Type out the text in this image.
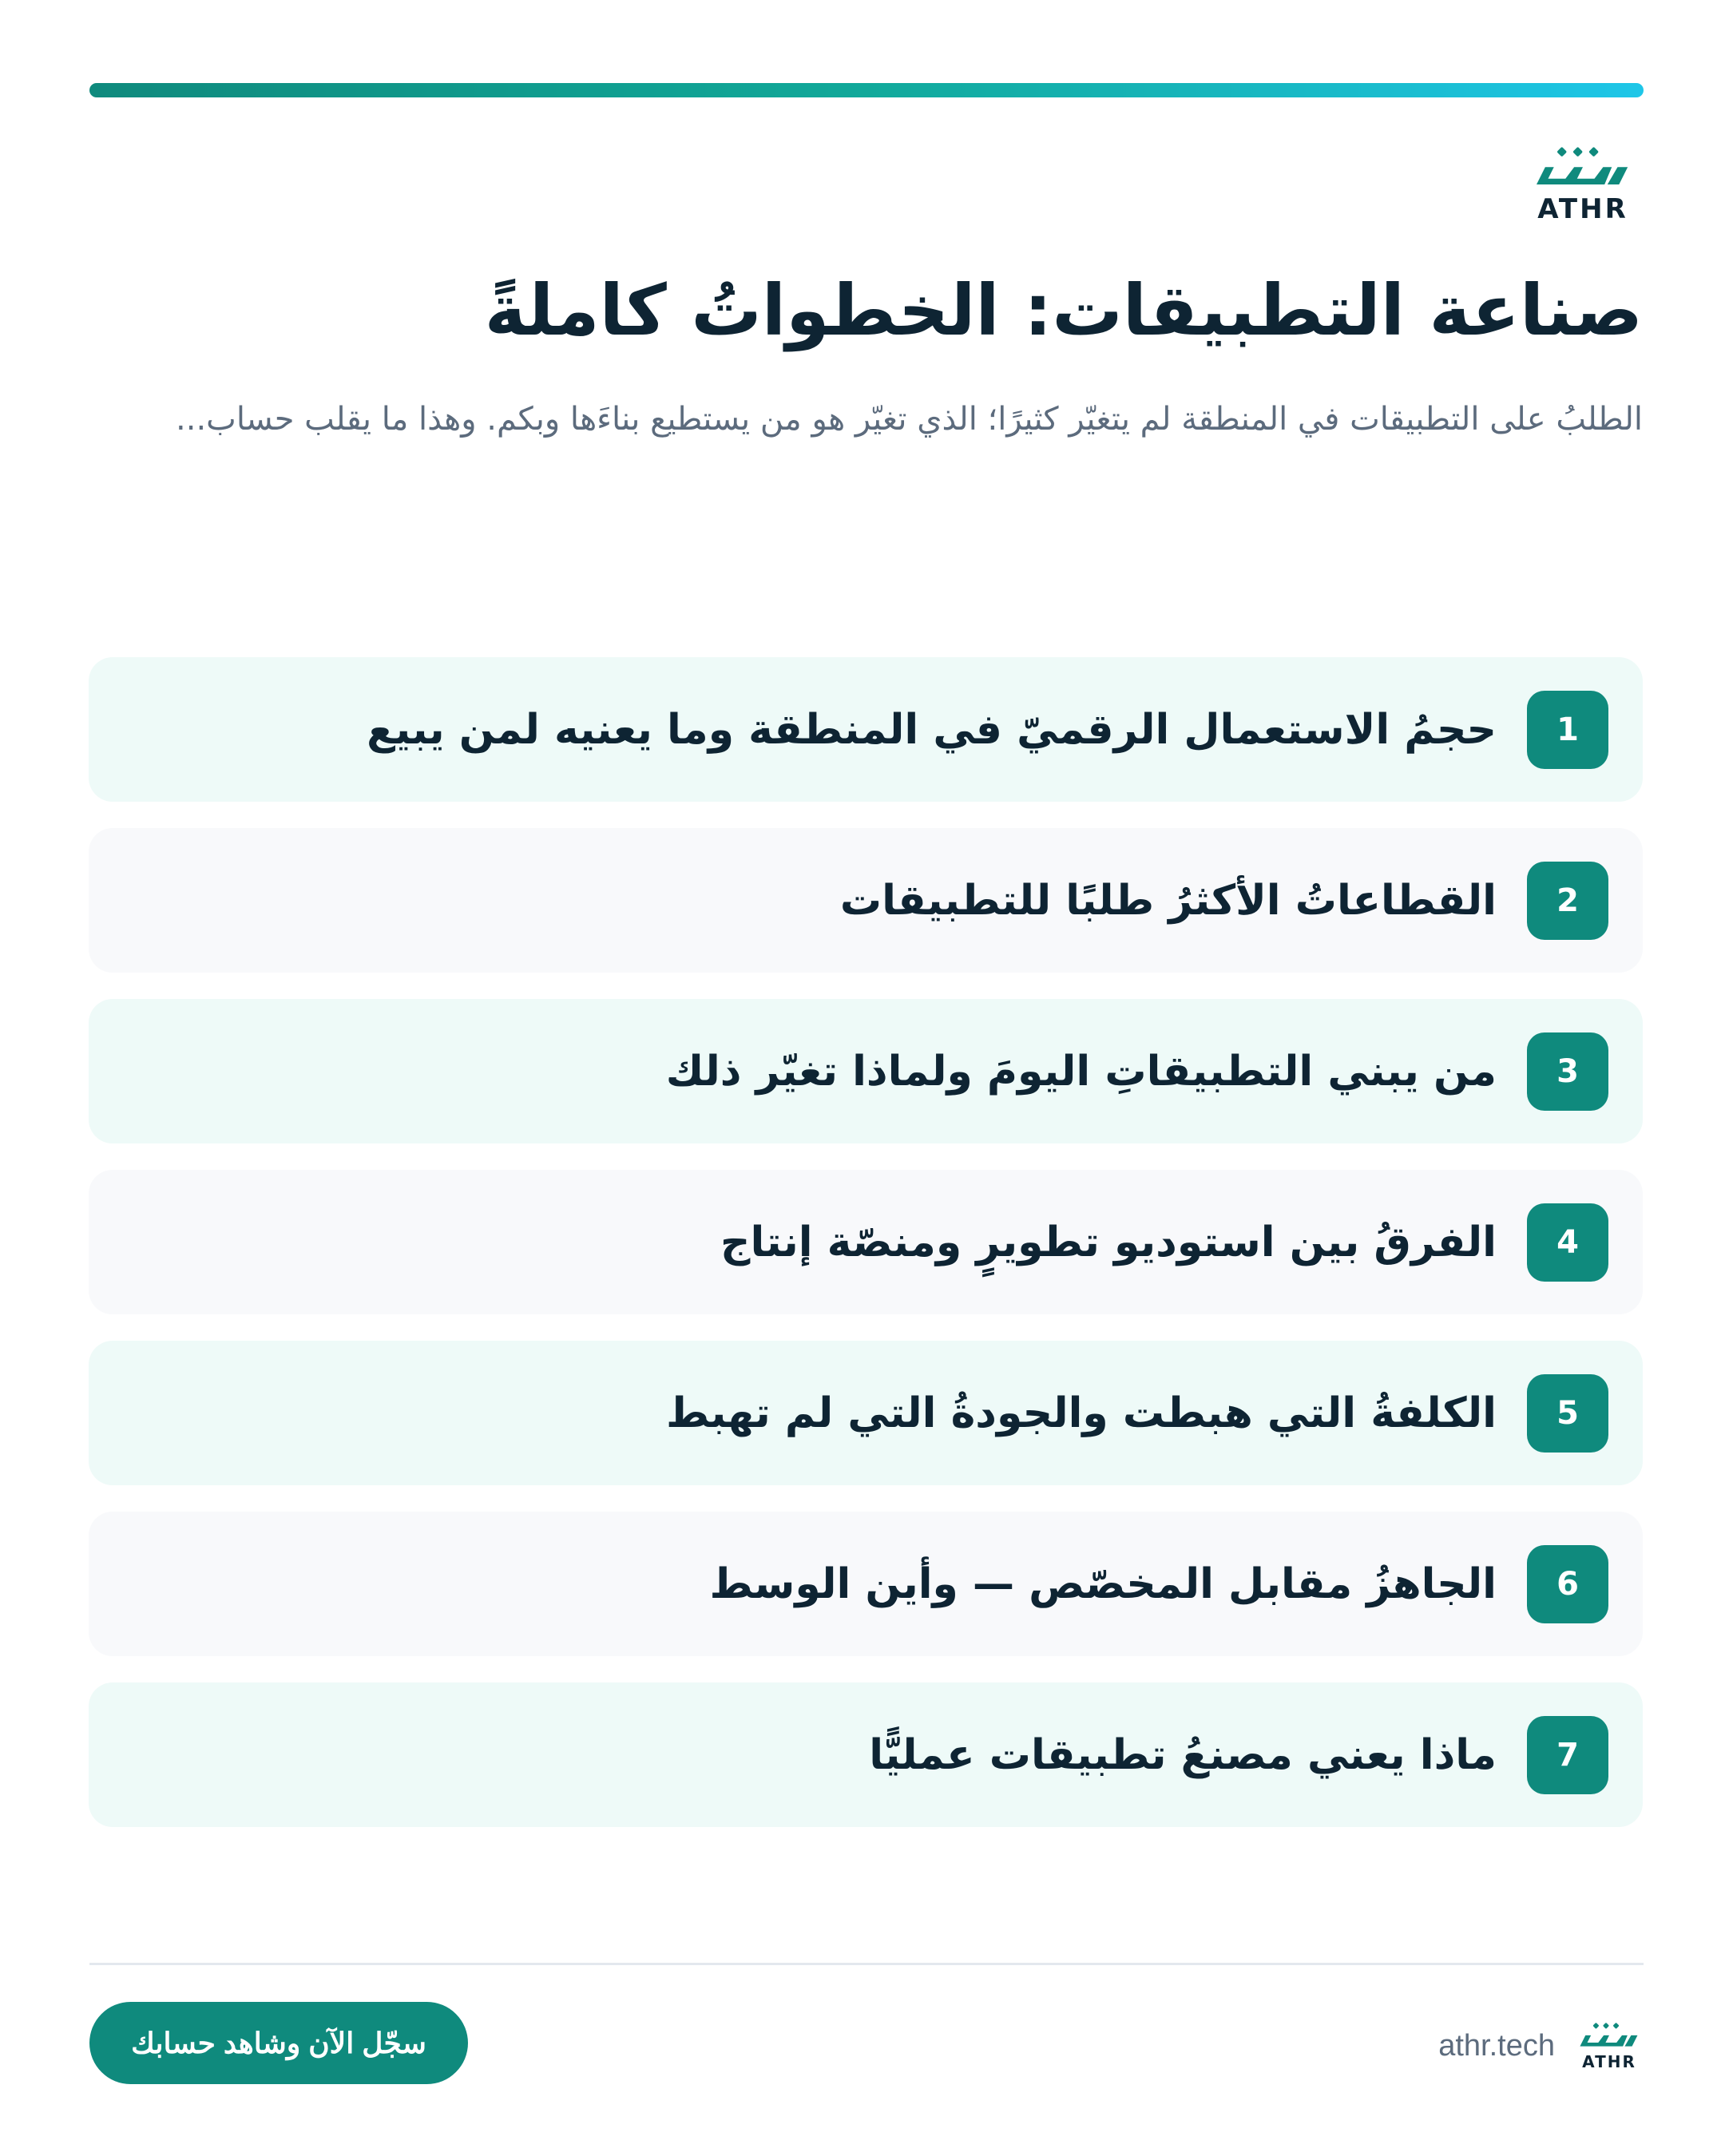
ATHR
صناعة التطبيقات: الخطواتُ كاملةً

الطلبُ على التطبيقات في المنطقة لم يتغيّر كثيرًا؛ الذي تغيّر هو من يستطيع بناءَها وبكم. وهذا ما يقلب حساب...

1
حجمُ الاستعمال الرقميّ في المنطقة وما يعنيه لمن يبيع
2
القطاعاتُ الأكثرُ طلبًا للتطبيقات
3
من يبني التطبيقاتِ اليومَ ولماذا تغيّر ذلك
4
الفرقُ بين استوديو تطويرٍ ومنصّة إنتاج
5
الكلفةُ التي هبطت والجودةُ التي لم تهبط
6
الجاهزُ مقابل المخصّص — وأين الوسط
7
ماذا يعني مصنعُ تطبيقات عمليًّا
سجّل الآن وشاهد حسابك
ATHR
athr.tech
